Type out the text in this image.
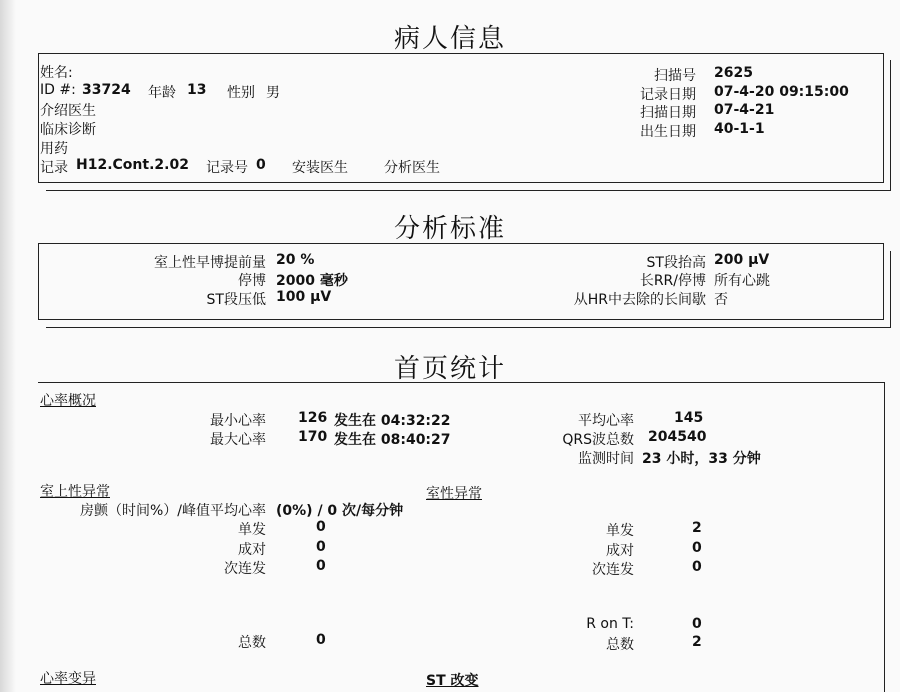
病人信息
姓名:
ID #: 33724 年龄 13 性别 男
介绍医生
临床诊断
用药
记录 H12.Cont.2.02 记录号 0 安装医生	分析医生
扫描号 2625
记录日期 07-4-20 09:15:00
扫描日期 07-4-21
出生日期 40-1-1
分析标准
室上性早博提前量 20 %
停博 2000 毫秒
ST段压低 100 μV
ST段抬高 200 μV
长RR/停博 所有心跳
从HR中去除的长间歇 否
首页统计
心率概况
最小心率 126 发生在 04:32:22
最大心率 170 发生在 08:40:27
平均心率	145
QRS波总数 204540
监测时间 23 小时，33 分钟
室上性异常
房颤（时间%）/峰值平均心率 (0%) / 0 次/每分钟
单发	0
成对	0
次连发	0
总数	0
室性异常
单发	2
成对	0
次连发	0
R on T:	0
总数	2
心率变异	ST 改变
